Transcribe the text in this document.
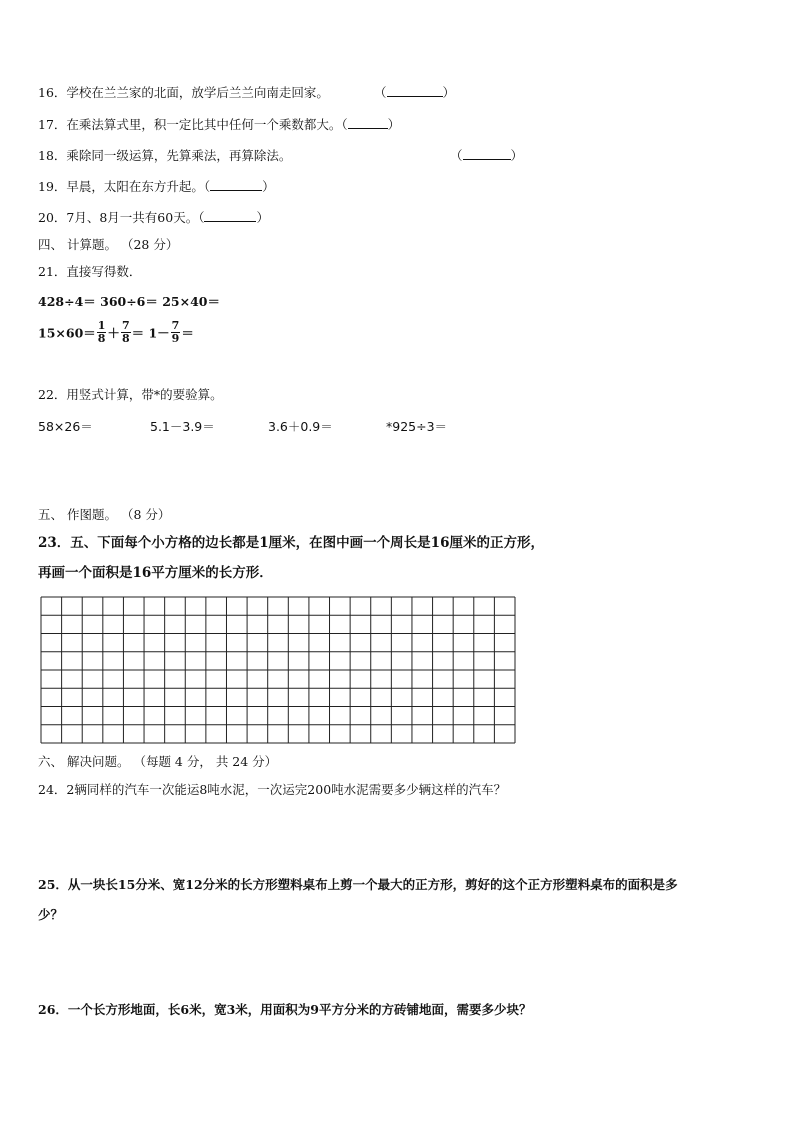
16．学校在兰兰家的北面，放学后兰兰向南走回家。	（	）
17．在乘法算式里，积一定比其中任何一个乘数都大。（	）
18．乘除同一级运算，先算乘法，再算除法。	（	）
19．早晨，太阳在东方升起。（	）
20．7月、8月一共有60天。（	）
四、 计算题。 （28 分）
21．直接写得数．
428÷4＝ 360÷6＝ 25×40＝
$15\times 60= \frac{1}{8} + \frac{7}{8} = 1- \frac{7}{9}$ ＝
22．用竖式计算，带*的要验算。
58×26＝	5.1－3.9＝	3.6＋0.9＝	*925÷3＝
五、 作图题。 （8 分）
23．五、下面每个小方格的边长都是1厘米，在图中画一个周长是16厘米的正方形，
再画一个面积是16平方厘米的长方形．
六、 解决问题。 （每题 4 分， 共 24 分）
24．2辆同样的汽车一次能运8吨水泥，一次运完200吨水泥需要多少辆这样的汽车？
25．从一块长15分米、宽12分米的长方形塑料桌布上剪一个最大的正方形，剪好的这个正方形塑料桌布的面积是多
少？
26．一个长方形地面，长6米，宽3米，用面积为9平方分米的方砖铺地面，需要多少块？
